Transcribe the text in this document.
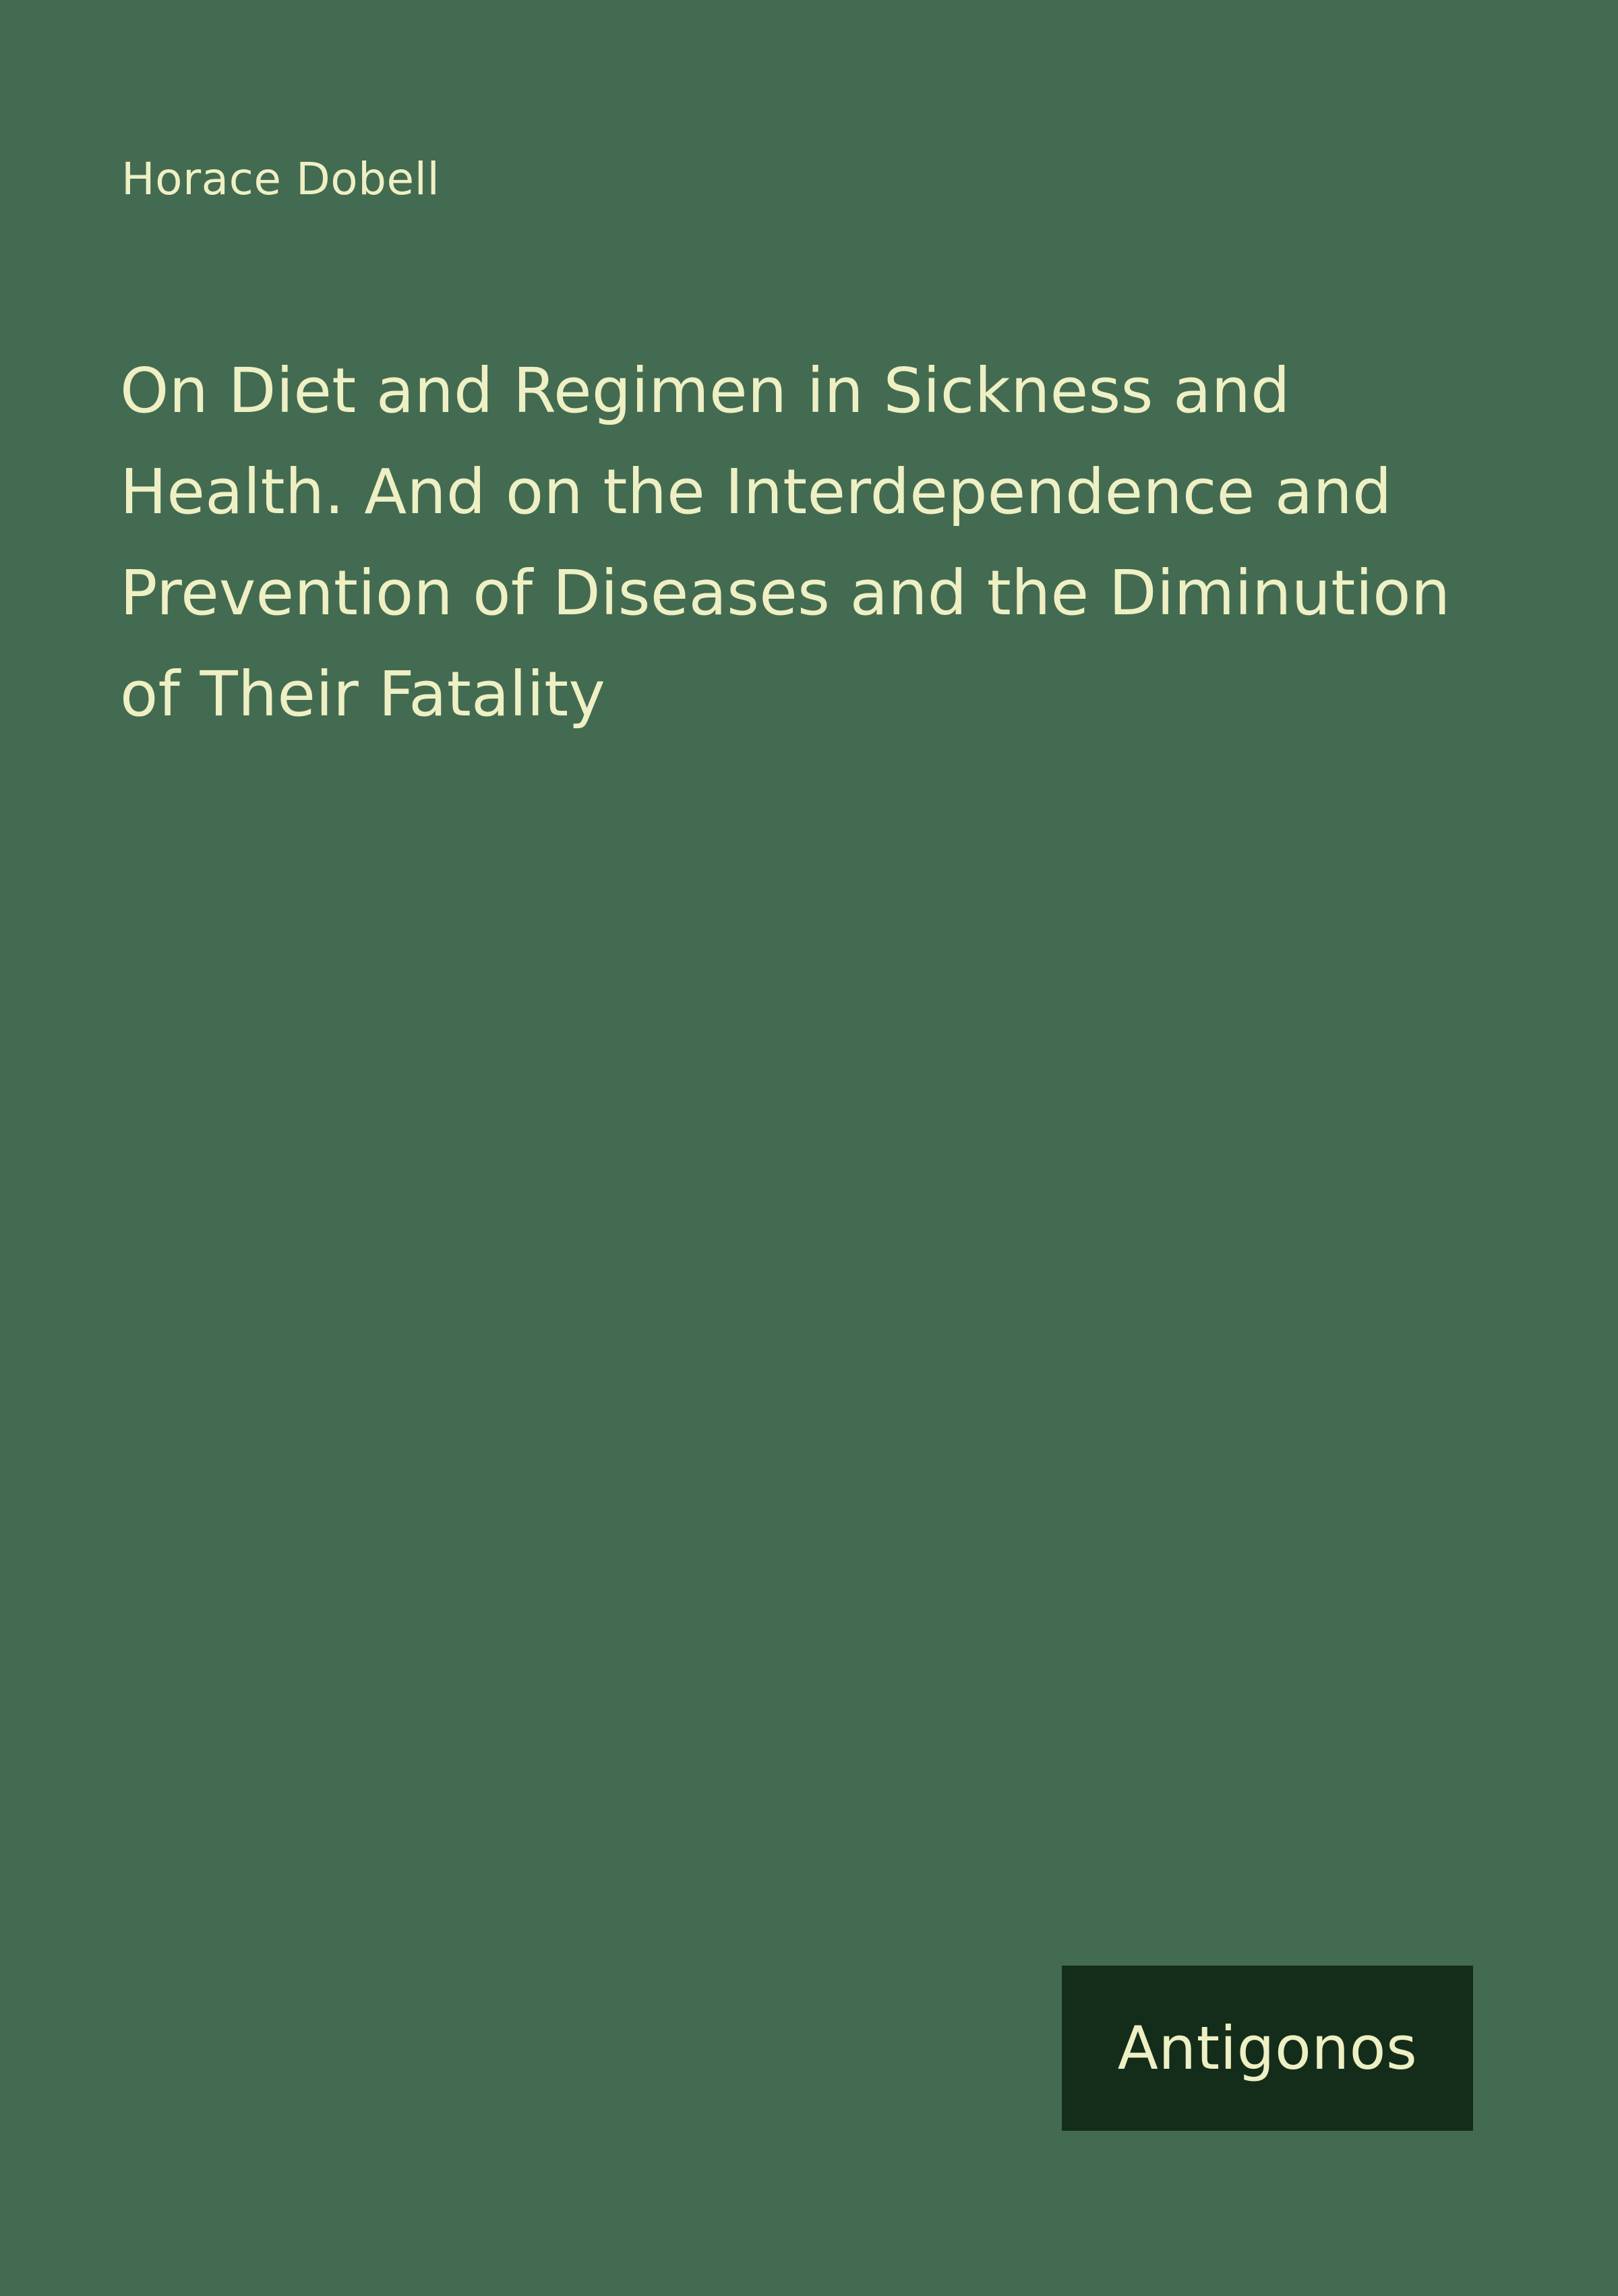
Horace Dobell
On Diet and Regimen in Sickness and Health. And on the Interdependence and Prevention of Diseases and the Diminution of Their Fatality
Antigonos
